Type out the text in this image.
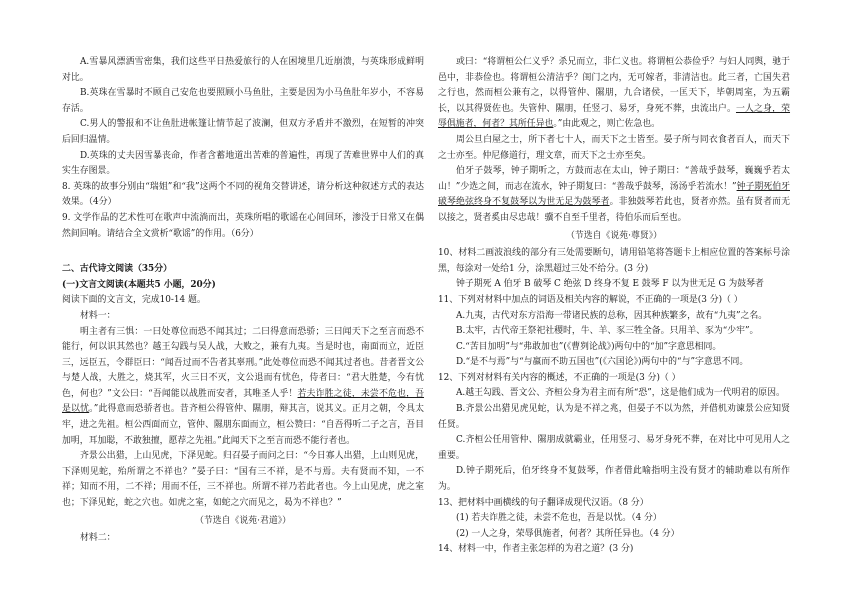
A.雪暴风漂洒雪密集，我们这些平日热爱旅行的人在困境里几近崩溃，与英珠形成鲜明对比。

B.英珠在雪暴时不顾自己安危也要照顾小马鱼肚，主要是因为小马鱼肚年岁小，不容易存活。

C.男人的警报和不让鱼肚进帐篷让情节起了波澜，但双方矛盾并不激烈，在短暂的冲突后回归温情。

D.英珠的丈夫因雪暴丧命，作者含蓄地道出苦难的普遍性，再现了苦难世界中人们的真实生存图景。

8. 英珠的故事分别由“瑞姐”和“我”这两个不同的视角交替讲述，请分析这种叙述方式的表达效果。（4分）

9. 文学作品的艺术性可在歌声中流淌而出，英珠所唱的歌谣在心间回环，渗没于日常又在偶然间回响。请结合全文赏析“歌谣”的作用。（6分）

二、古代诗文阅读（35分）

(一)文言文阅读(本题共5 小题，20分)

阅读下面的文言文，完成10-14 题。

材料一：

明主者有三惧：一曰处尊位而恐不闻其过；二曰得意而恐骄；三曰闻天下之至言而恐不能行，何以识其然也？越王勾践与吴人战，大败之，兼有九夷。当是时也，南面而立，近臣三，远臣五，令群臣曰：“闻吾过而不告者其辜刑。”此处尊位而恐不闻其过者也。昔者晋文公与楚人战，大胜之，烧其军，火三日不灭，文公退而有忧色，侍者曰：“君大胜楚，今有忧色，何也？”文公曰：“吾闻能以战胜而安者，其唯圣人乎！若夫诈胜之徒，未尝不危也，吾是以忧。”此得意而恐骄者也。昔齐桓公得管仲、隰朋，辩其言，说其义。正月之朝，令具太牢，进之先祖。桓公西面而立，管仲、隰朋东面而立，桓公赞曰：“自吾得听二子之言，吾目加明，耳加聪，不敢独擅，愿荐之先祖。”此闻天下之至言而恐不能行者也。

齐景公出猎，上山见虎，下泽见蛇。归召晏子而问之曰：“今日寡人出猎，上山则见虎，下泽则见蛇，殆所谓之不祥也？”晏子曰：“国有三不祥，是不与焉。夫有贤而不知，一不祥；知而不用，二不祥；用而不任，三不祥也。所谓不祥乃若此者也。今上山见虎，虎之室也；下泽见蛇，蛇之穴也。如虎之室，如蛇之穴而见之，曷为不祥也？”

（节选自《说苑·君道》）

材料二：

或曰：“将谓桓公仁义乎？杀兄而立，非仁义也。将谓桓公恭俭乎？与妇人同舆，驰于邑中，非恭俭也。将谓桓公清洁乎？闺门之内，无可嫁者，非清洁也。此三者，亡国失君之行也，然而桓公兼有之，以得管仲、隰朋，九合诸侯，一匡天下，毕朝周室，为五霸长，以其得贤佐也。失管仲、隰朋，任竖刁、易牙，身死不葬，虫流出户。一人之身，荣辱俱施者，何者？其所任异也。”由此观之，则亡佐急也。

周公旦白屋之士，所下者七十人，而天下之士皆至。晏子所与同衣食者百人，而天下之士亦至。仲尼修道行，理文章，而天下之士亦至矣。

伯牙子鼓琴，钟子期听之，方鼓而志在太山，钟子期曰：“善哉乎鼓琴，巍巍乎若太山！”少选之间，而志在流水，钟子期复曰：“善哉乎鼓琴，汤汤乎若流水！”钟子期死伯牙破琴绝弦终身不复鼓琴以为世无足为鼓琴者。非独鼓琴若此也，贤者亦然。虽有贤者而无以接之，贤者奚由尽忠哉！骥不自至千里者，待伯乐而后至也。

（节选自《说苑·尊贤》）

10、材料二画波浪线的部分有三处需要断句，请用铅笔将答题卡上相应位置的答案标号涂黑，每涂对一处给1 分，涂黑超过三处不给分。(3 分)

钟子期死 A 伯牙 B 破琴 C 绝弦 D 终身不复 E 鼓琴 F 以为世无足 G 为鼓琴者

11、下列对材料中加点的词语及相关内容的解说，不正确的一项是(3 分)（ ）

A.九夷，古代对东方沿海一带诸民族的总称，因其种族繁多，故有“九夷”之名。

B.太牢，古代帝王祭祀社稷时，牛、羊、豕三牲全备。只用羊、豕为“少牢”。

C.“苦目加明”与“弗敢加也”(《曹刿论战》)两句中的“加”字意思相同。

D.“是不与焉”与“与嬴而不助五国也”(《六国论》)两句中的“与”字意思不同。

12、下列对材料有关内容的概述，不正确的一项是(3 分)（ ）

A.越王勾践、晋文公、齐桓公身为君主而有所“恐”，这是他们成为一代明君的原因。

B.齐景公出猎见虎见蛇，认为是不祥之兆，但晏子不以为然，并借机劝谏景公应知贤任贤。

C.齐桓公任用管仲、隰朋成就霸业，任用竖刁、易牙身死不葬，在对比中可见用人之重要。

D.钟子期死后，伯牙终身不复鼓琴，作者借此喻指明主没有贤才的辅助难以有所作为。

13、把材料中画横线的句子翻译成现代汉语。（8 分）

(1) 若夫诈胜之徒，未尝不危也，吾是以忧。（4 分）

(2) 一人之身，荣辱俱施者，何者？其所任异也。（4 分）

14、材料一中，作者主张怎样的为君之道？(3 分)
